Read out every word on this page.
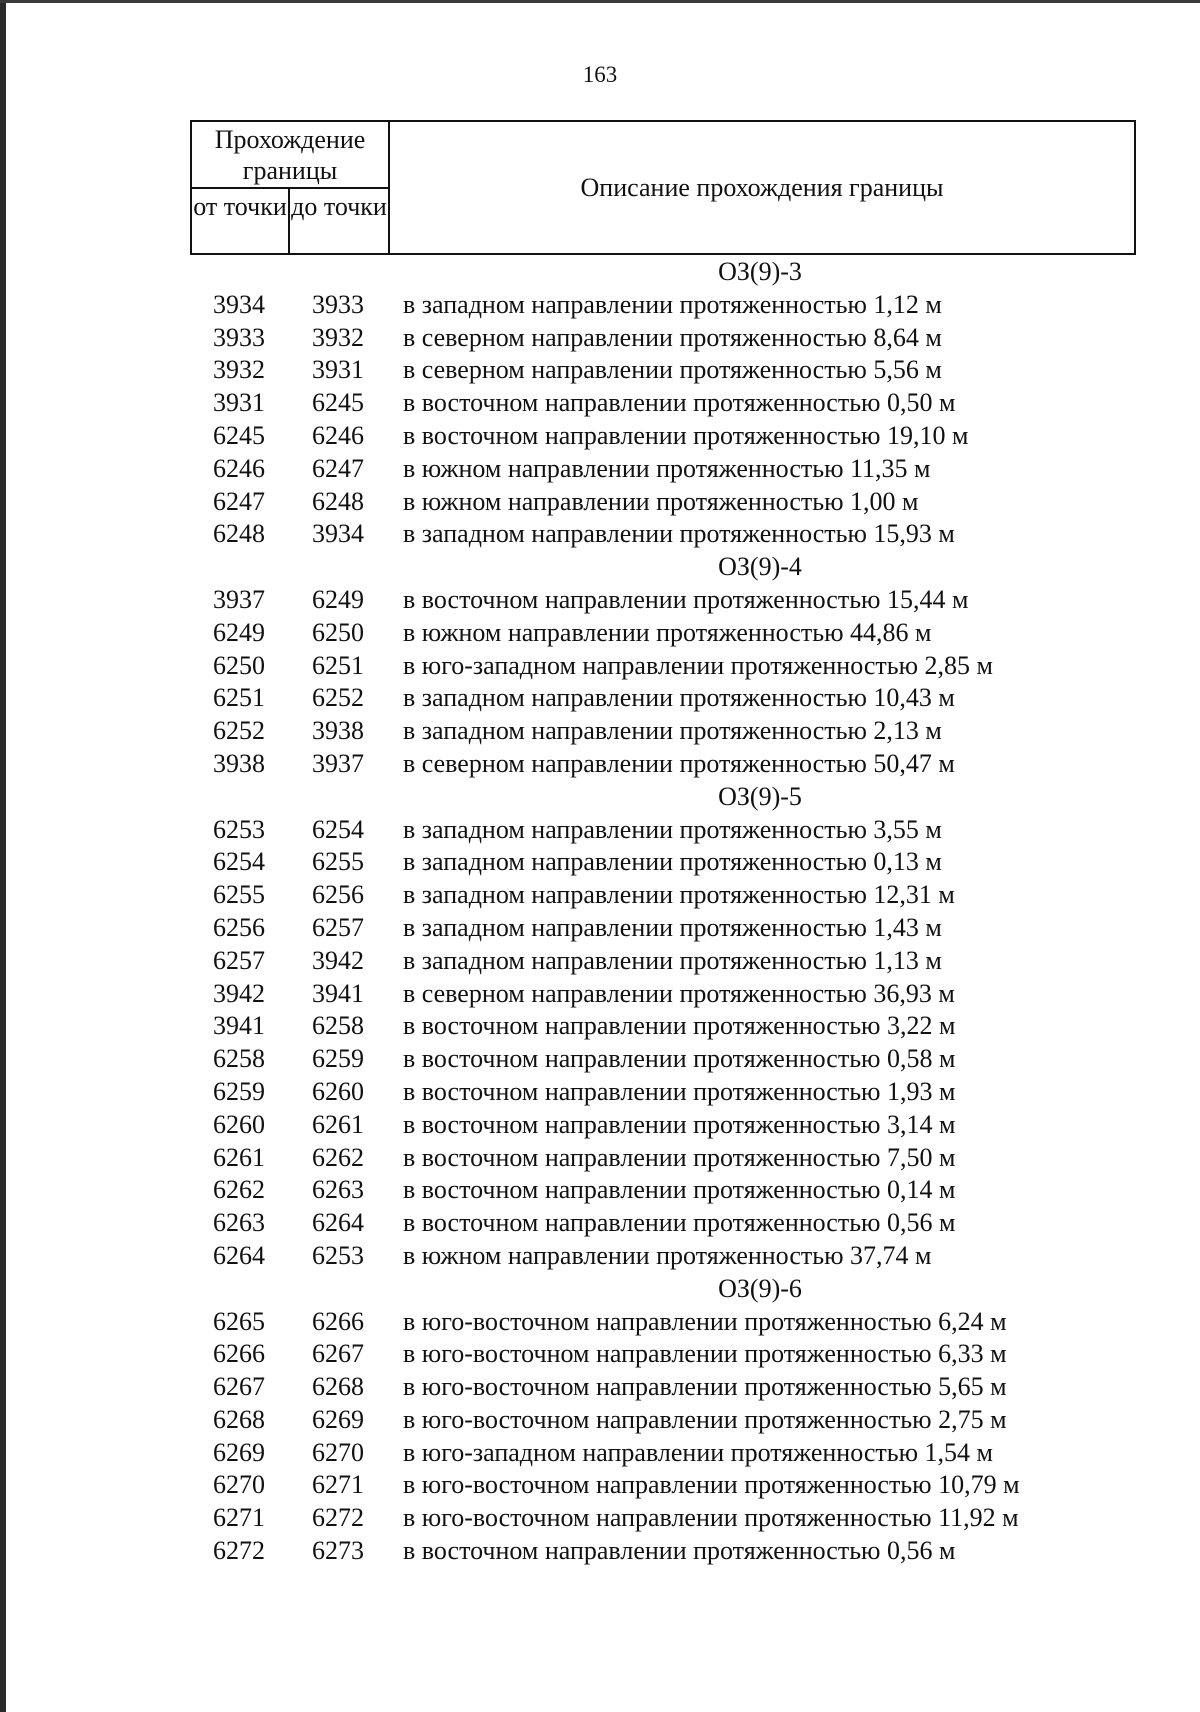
163
Прохождение границы
от точки до точки
Описание прохождения границы
ОЗ(9)-3
3934	3933	в западном направлении протяженностью 1,12 м
3933	3932	в северном направлении протяженностью 8,64 м
3932	3931	в северном направлении протяженностью 5,56 м
3931	6245	в восточном направлении протяженностью 0,50 м
6245	6246	в восточном направлении протяженностью 19,10 м
6246	6247	в южном направлении протяженностью 11,35 м
6247	6248	в южном направлении протяженностью 1,00 м
6248	3934	в западном направлении протяженностью 15,93 м
ОЗ(9)-4
3937	6249	в восточном направлении протяженностью 15,44 м
6249	6250	в южном направлении протяженностью 44,86 м
6250	6251	в юго-западном направлении протяженностью 2,85 м
6251	6252	в западном направлении протяженностью 10,43 м
6252	3938	в западном направлении протяженностью 2,13 м
3938	3937	в северном направлении протяженностью 50,47 м
ОЗ(9)-5
6253	6254	в западном направлении протяженностью 3,55 м
6254	6255	в западном направлении протяженностью 0,13 м
6255	6256	в западном направлении протяженностью 12,31 м
6256	6257	в западном направлении протяженностью 1,43 м
6257	3942	в западном направлении протяженностью 1,13 м
3942	3941	в северном направлении протяженностью 36,93 м
3941	6258	в восточном направлении протяженностью 3,22 м
6258	6259	в восточном направлении протяженностью 0,58 м
6259	6260	в восточном направлении протяженностью 1,93 м
6260	6261	в восточном направлении протяженностью 3,14 м
6261	6262	в восточном направлении протяженностью 7,50 м
6262	6263	в восточном направлении протяженностью 0,14 м
6263	6264	в восточном направлении протяженностью 0,56 м
6264	6253	в южном направлении протяженностью 37,74 м
ОЗ(9)-6
6265	6266	в юго-восточном направлении протяженностью 6,24 м
6266	6267	в юго-восточном направлении протяженностью 6,33 м
6267	6268	в юго-восточном направлении протяженностью 5,65 м
6268	6269	в юго-восточном направлении протяженностью 2,75 м
6269	6270	в юго-западном направлении протяженностью 1,54 м
6270	6271	в юго-восточном направлении протяженностью 10,79 м
6271	6272	в юго-восточном направлении протяженностью 11,92 м
6272	6273	в восточном направлении протяженностью 0,56 м
